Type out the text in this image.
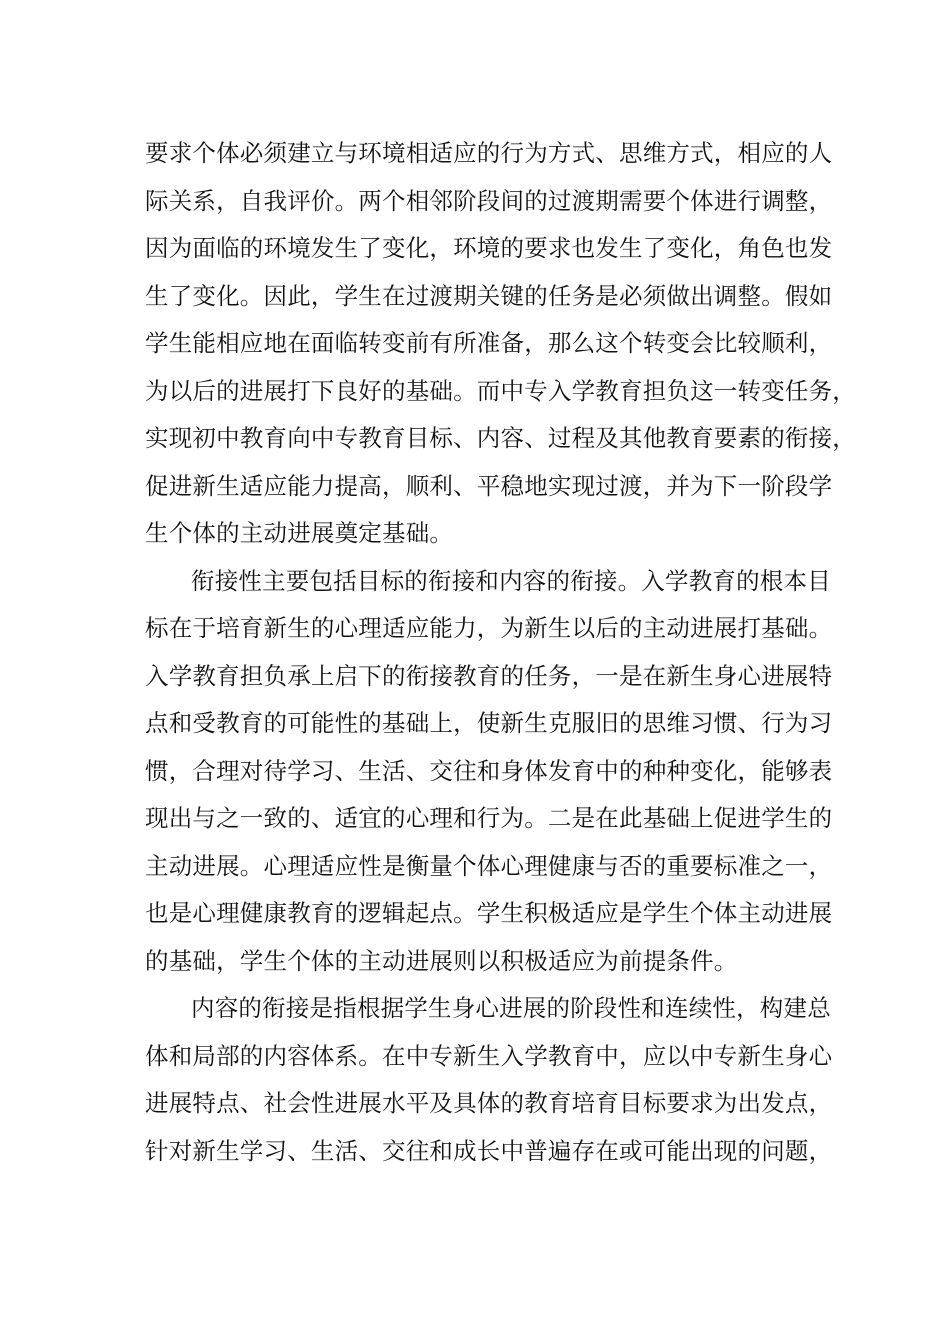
要求个体必须建立与环境相适应的行为方式、思维方式，相应的人
际关系，自我评价。两个相邻阶段间的过渡期需要个体进行调整，
因为面临的环境发生了变化，环境的要求也发生了变化，角色也发
生了变化。因此，学生在过渡期关键的任务是必须做出调整。假如
学生能相应地在面临转变前有所准备，那么这个转变会比较顺利，
为以后的进展打下良好的基础。而中专入学教育担负这一转变任务，
实现初中教育向中专教育目标、内容、过程及其他教育要素的衔接，
促进新生适应能力提高，顺利、平稳地实现过渡，并为下一阶段学
生个体的主动进展奠定基础。
衔接性主要包括目标的衔接和内容的衔接。入学教育的根本目
标在于培育新生的心理适应能力，为新生以后的主动进展打基础。
入学教育担负承上启下的衔接教育的任务，一是在新生身心进展特
点和受教育的可能性的基础上，使新生克服旧的思维习惯、行为习
惯，合理对待学习、生活、交往和身体发育中的种种变化，能够表
现出与之一致的、适宜的心理和行为。二是在此基础上促进学生的
主动进展。心理适应性是衡量个体心理健康与否的重要标准之一，
也是心理健康教育的逻辑起点。学生积极适应是学生个体主动进展
的基础，学生个体的主动进展则以积极适应为前提条件。
内容的衔接是指根据学生身心进展的阶段性和连续性，构建总
体和局部的内容体系。在中专新生入学教育中，应以中专新生身心
进展特点、社会性进展水平及具体的教育培育目标要求为出发点，
针对新生学习、生活、交往和成长中普遍存在或可能出现的问题，
